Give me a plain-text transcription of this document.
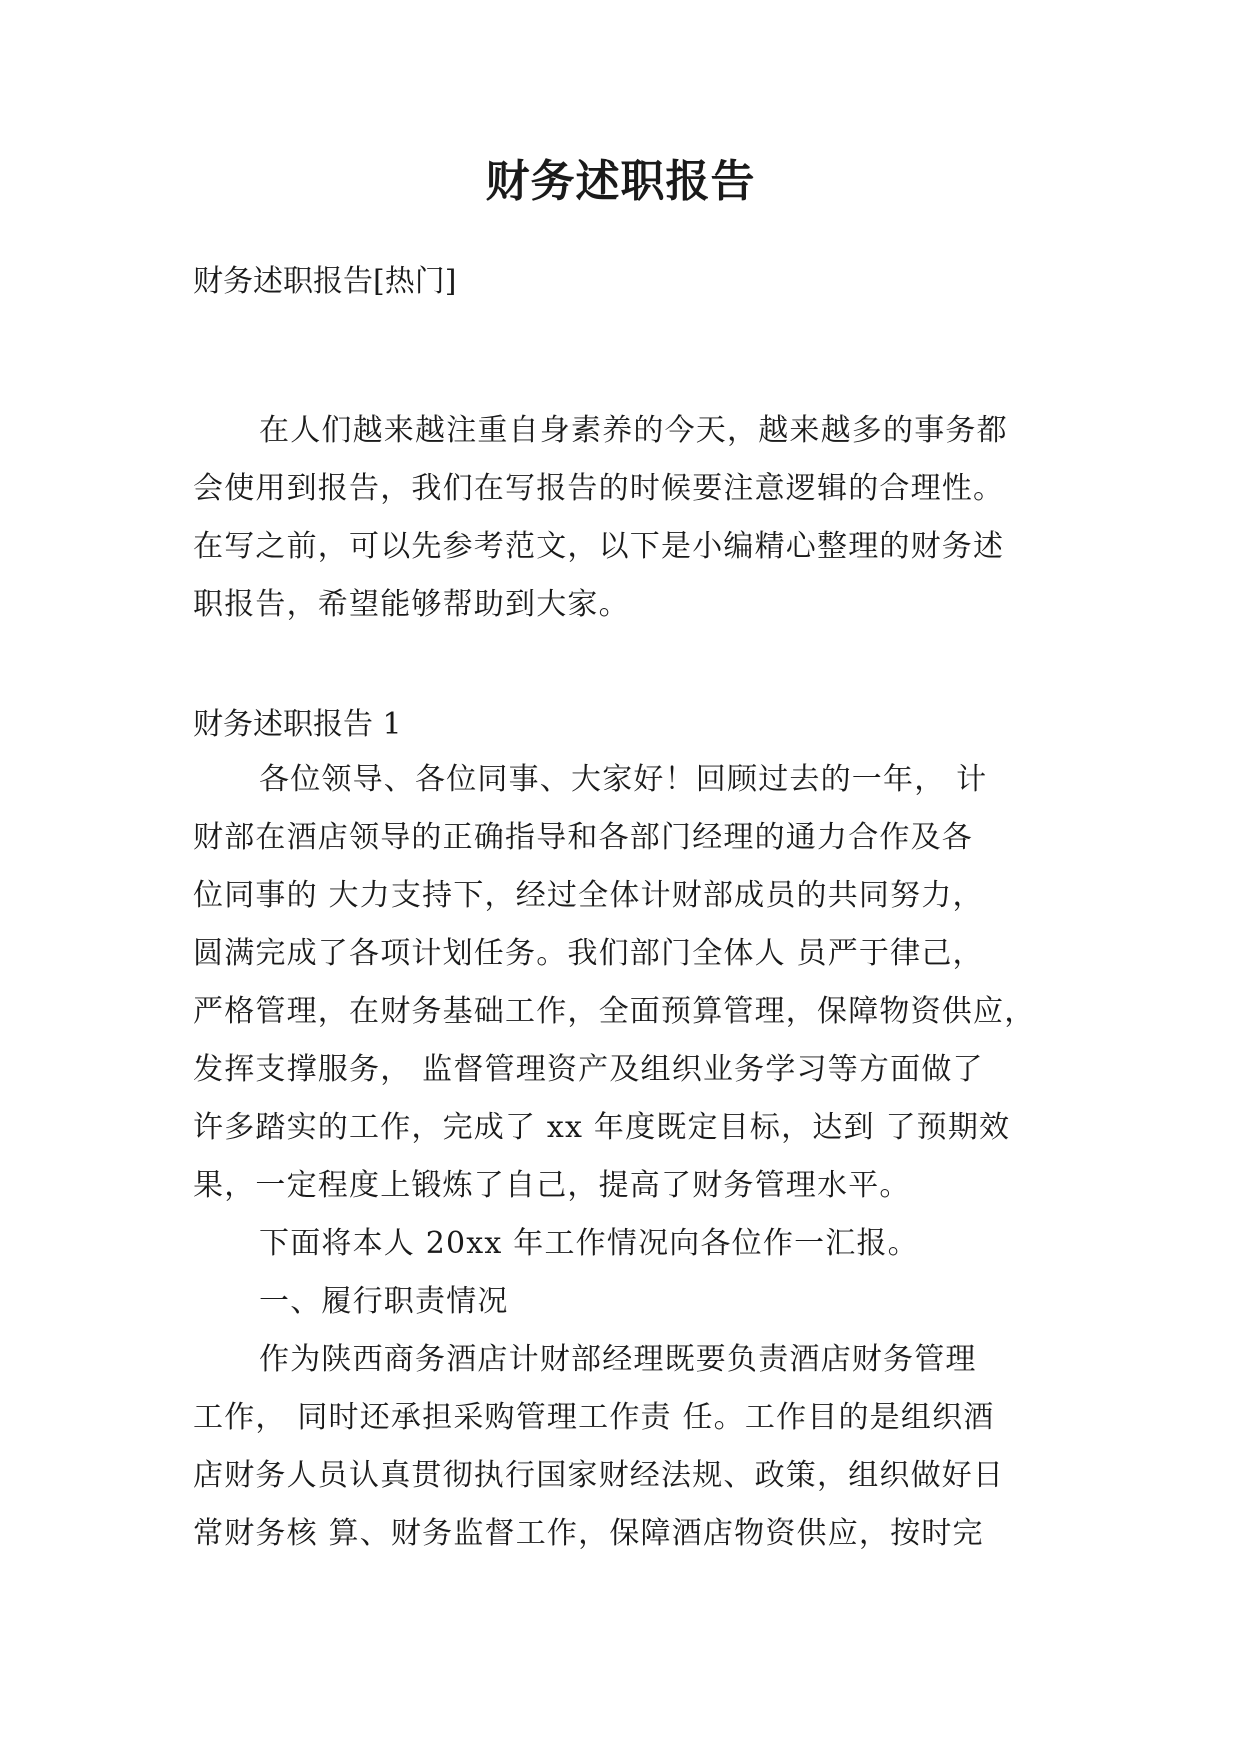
财务述职报告
财务述职报告[热门]
在人们越来越注重自身素养的今天，越来越多的事务都
会使用到报告，我们在写报告的时候要注意逻辑的合理性。
在写之前，可以先参考范文，以下是小编精心整理的财务述
职报告，希望能够帮助到大家。
财务述职报告 1
各位领导、各位同事、大家好！回顾过去的一年， 计
财部在酒店领导的正确指导和各部门经理的通力合作及各
位同事的 大力支持下，经过全体计财部成员的共同努力，
圆满完成了各项计划任务。我们部门全体人 员严于律己，
严格管理，在财务基础工作，全面预算管理，保障物资供应，
发挥支撑服务， 监督管理资产及组织业务学习等方面做了
许多踏实的工作，完成了 xx 年度既定目标，达到 了预期效
果，一定程度上锻炼了自己，提高了财务管理水平。
下面将本人 20xx 年工作情况向各位作一汇报。
一、履行职责情况
作为陕西商务酒店计财部经理既要负责酒店财务管理
工作， 同时还承担采购管理工作责 任。工作目的是组织酒
店财务人员认真贯彻执行国家财经法规、政策，组织做好日
常财务核 算、财务监督工作，保障酒店物资供应，按时完
